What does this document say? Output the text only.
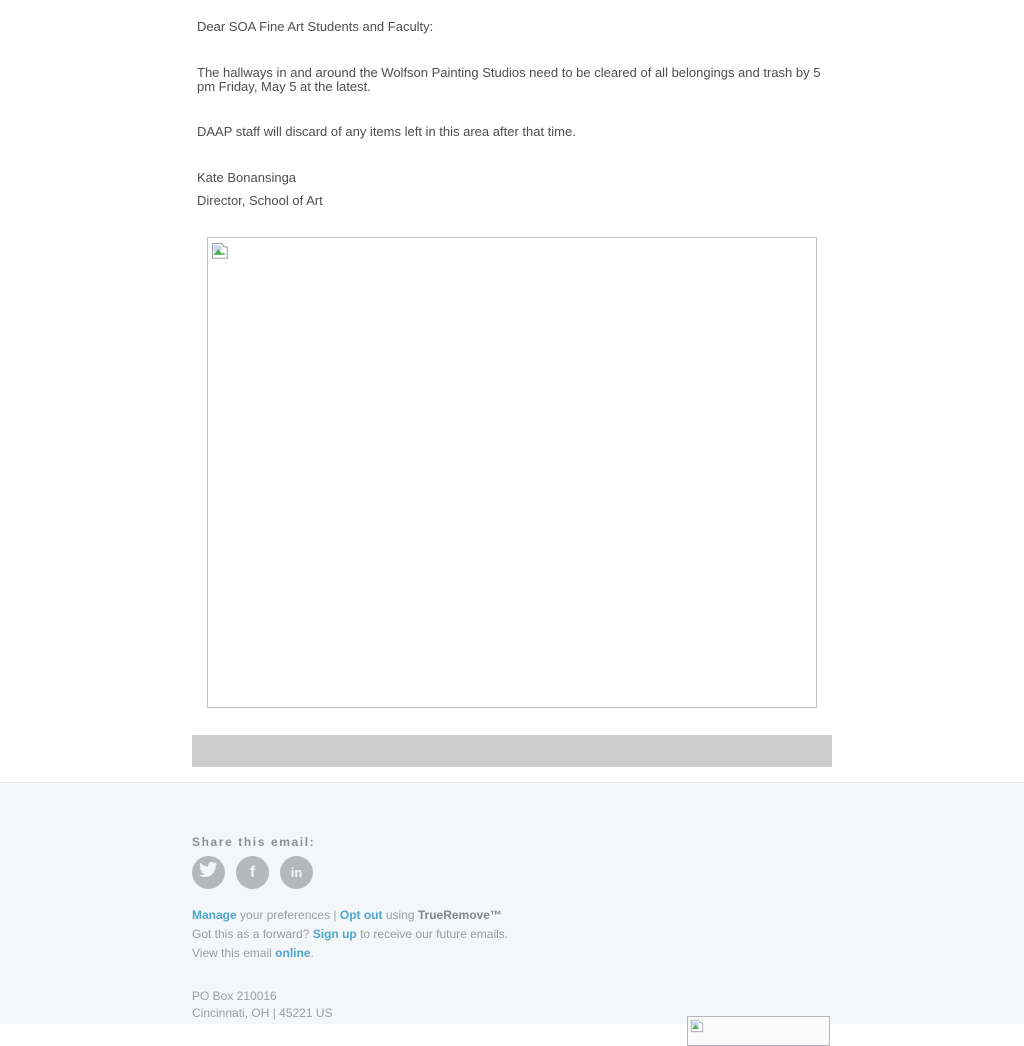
Dear SOA Fine Art Students and Faculty:
The hallways in and around the Wolfson Painting Studios need to be cleared of all belongings and trash by 5 pm Friday, May 5 at the latest.
DAAP staff will discard of any items left in this area after that time.
Kate Bonansinga
Director, School of Art
Share this email:
f	in
Manage your preferences | Opt out using TrueRemove™
Got this as a forward? Sign up to receive our future emails.
View this email online.
PO Box 210016
Cincinnati, OH | 45221 US
